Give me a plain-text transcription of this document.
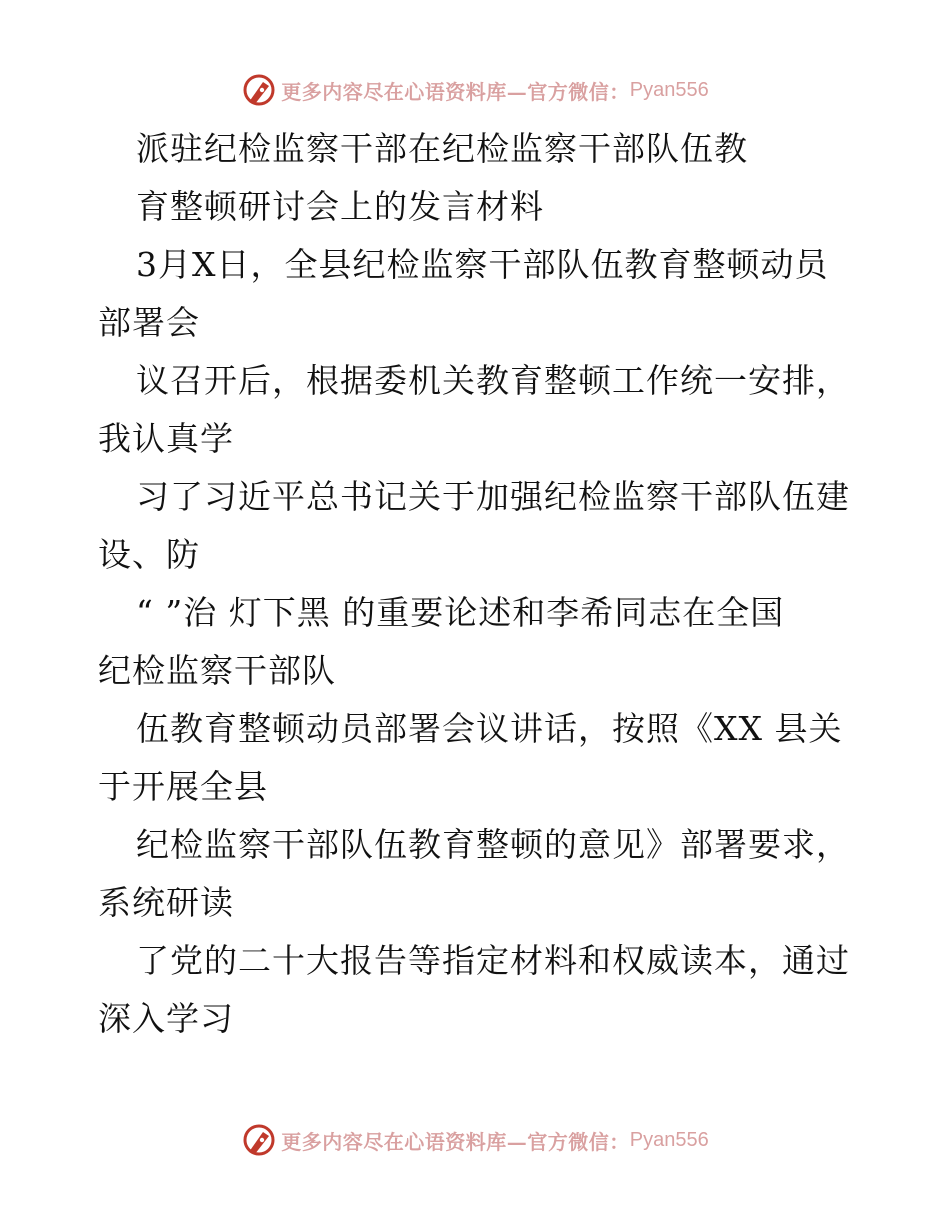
更多内容尽在心语资料库—官方微信： Pyan556
派驻纪检监察干部在纪检监察干部队伍教
育整顿研讨会上的发言材料
3月X日，全县纪检监察干部队伍教育整顿动员
部署会
议召开后，根据委机关教育整顿工作统一安排，
我认真学
习了习近平总书记关于加强纪检监察干部队伍建
设、防
“ ”治 灯下黑 的重要论述和李希同志在全国
纪检监察干部队
伍教育整顿动员部署会议讲话，按照《XX 县关
于开展全县
纪检监察干部队伍教育整顿的意见》部署要求，
系统研读
了党的二十大报告等指定材料和权威读本，通过
深入学习
更多内容尽在心语资料库—官方微信： Pyan556
